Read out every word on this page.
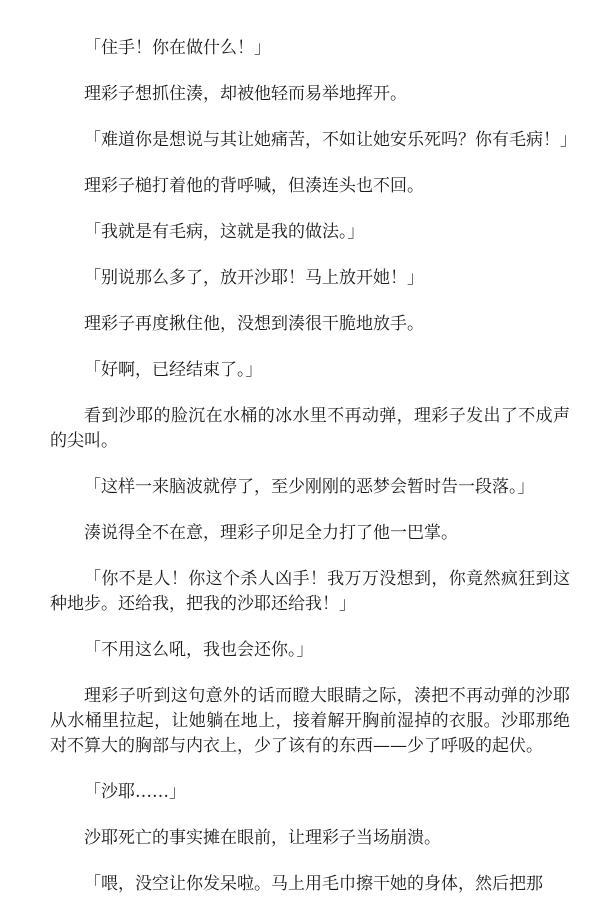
「住手！你在做什么！」

理彩子想抓住湊，却被他轻而易举地挥开。

「难道你是想说与其让她痛苦，不如让她安乐死吗？你有毛病！」

理彩子槌打着他的背呼喊，但湊连头也不回。

「我就是有毛病，这就是我的做法。」

「别说那么多了，放开沙耶！马上放开她！」

理彩子再度揪住他，没想到湊很干脆地放手。

「好啊，已经结束了。」

看到沙耶的脸沉在水桶的冰水里不再动弹，理彩子发出了不成声的尖叫。

「这样一来脑波就停了，至少刚刚的恶梦会暂时告一段落。」

湊说得全不在意，理彩子卯足全力打了他一巴掌。

「你不是人！你这个杀人凶手！我万万没想到，你竟然疯狂到这种地步。还给我，把我的沙耶还给我！」

「不用这么吼，我也会还你。」

理彩子听到这句意外的话而瞪大眼睛之际，湊把不再动弹的沙耶从水桶里拉起，让她躺在地上，接着解开胸前湿掉的衣服。沙耶那绝对不算大的胸部与内衣上，少了该有的东西——少了呼吸的起伏。

「沙耶……」

沙耶死亡的事实摊在眼前，让理彩子当场崩溃。

「喂，没空让你发呆啦。马上用毛巾擦干她的身体，然后把那
